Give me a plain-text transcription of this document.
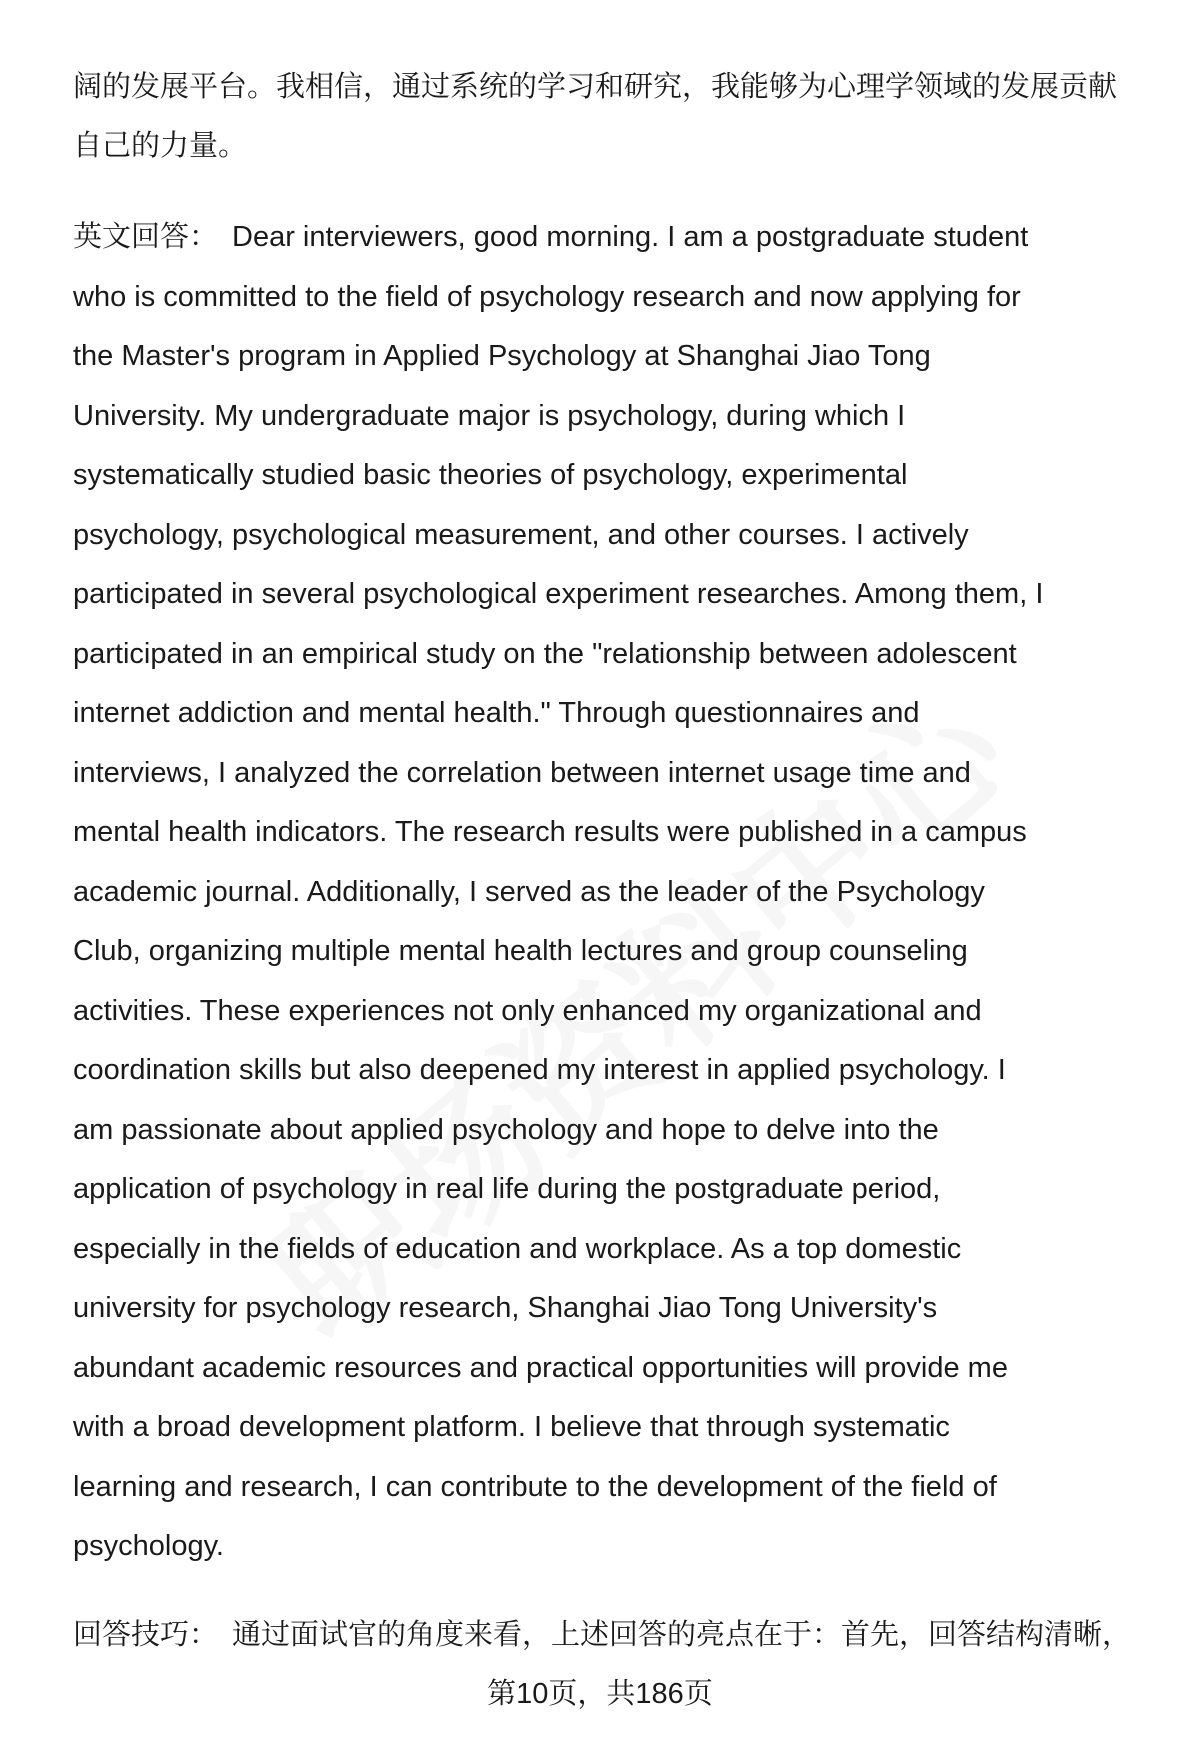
阔的发展平台。我相信，通过系统的学习和研究，我能够为心理学领域的发展贡献
自己的力量。
英文回答： Dear interviewers, good morning. I am a postgraduate student
who is committed to the field of psychology research and now applying for
the Master's program in Applied Psychology at Shanghai Jiao Tong
University. My undergraduate major is psychology, during which I
systematically studied basic theories of psychology, experimental
psychology, psychological measurement, and other courses. I actively
participated in several psychological experiment researches. Among them, I
participated in an empirical study on the "relationship between adolescent
internet addiction and mental health." Through questionnaires and
interviews, I analyzed the correlation between internet usage time and
mental health indicators. The research results were published in a campus
academic journal. Additionally, I served as the leader of the Psychology
Club, organizing multiple mental health lectures and group counseling
activities. These experiences not only enhanced my organizational and
coordination skills but also deepened my interest in applied psychology. I
am passionate about applied psychology and hope to delve into the
application of psychology in real life during the postgraduate period,
especially in the fields of education and workplace. As a top domestic
university for psychology research, Shanghai Jiao Tong University's
abundant academic resources and practical opportunities will provide me
with a broad development platform. I believe that through systematic
learning and research, I can contribute to the development of the field of
psychology.
回答技巧： 通过面试官的角度来看，上述回答的亮点在于：首先，回答结构清晰，
第10页，共186页
